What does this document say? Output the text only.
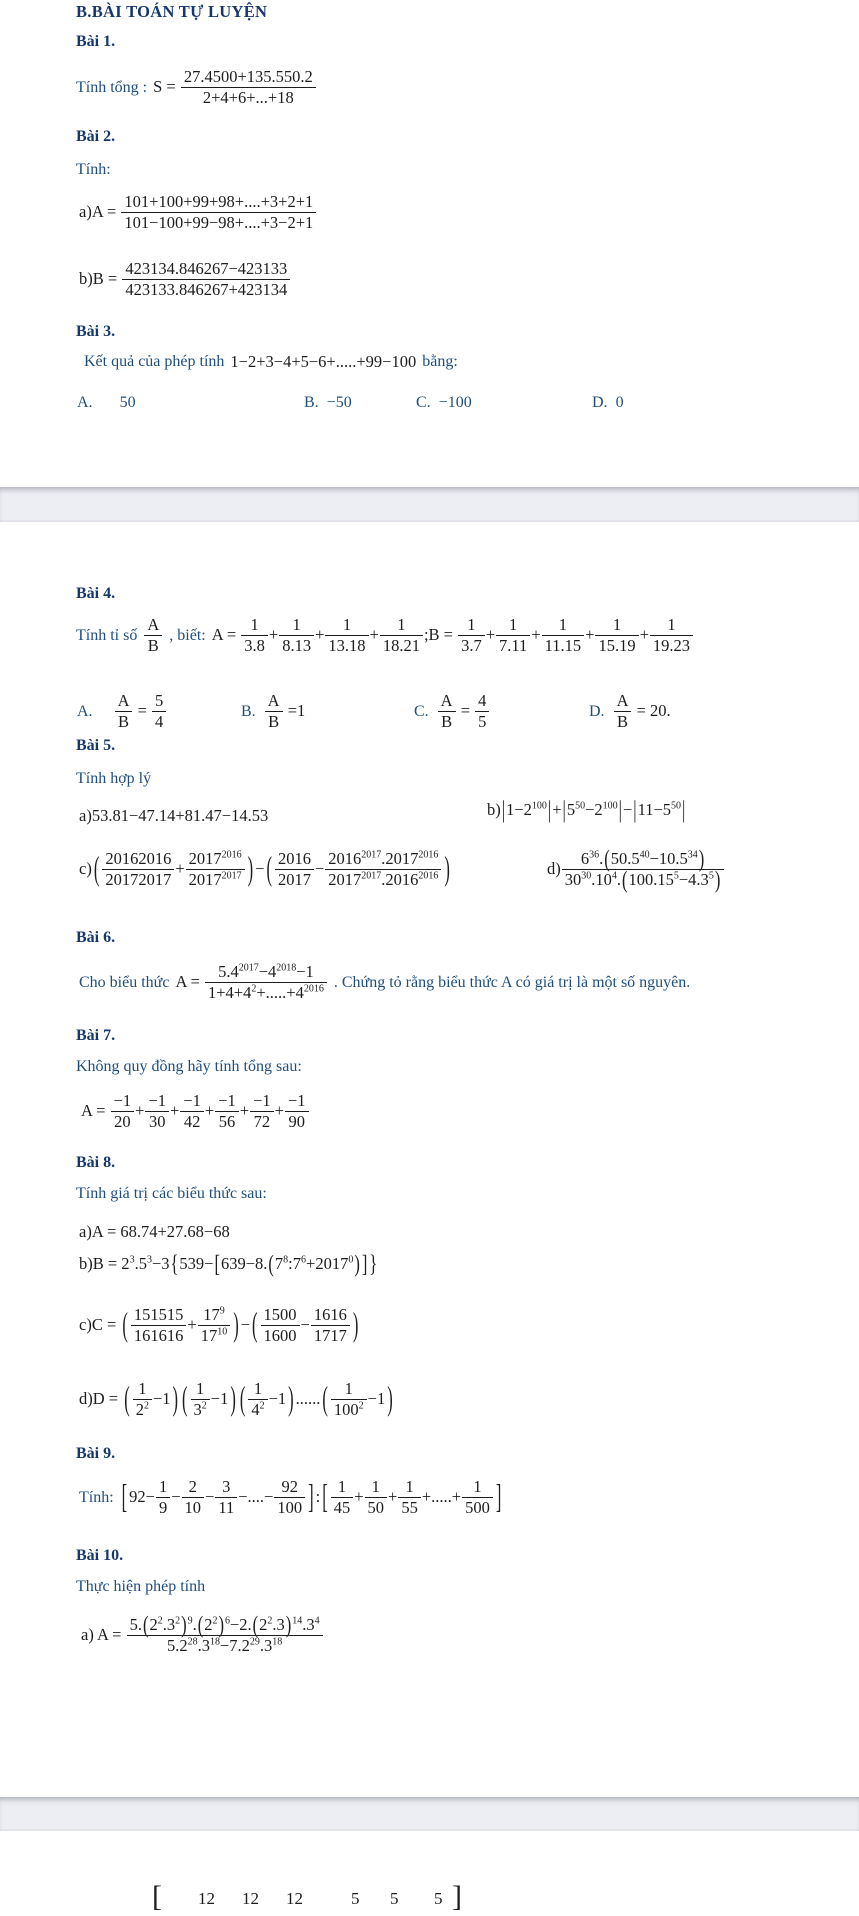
B.BÀI TOÁN TỰ LUYỆN
Bài 1.
Tính tổng : $S = \frac{27.4500+135.550.2}{2+4+6+...+18}$
Bài 2.
Tính:
$a)A = \frac{101+100+99+98+....+3+2+1}{101-100+99-98+....+3-2+1}$
$b)B = \frac{423134.846267-423133}{423133.846267+423134}$
Bài 3.
Kết quả của phép tính 1−2+3−4+5−6+.....+99−100 bằng:
A. 50	B. −50	C. −100	D. 0
Bài 4.
Tính tỉ số $\frac{A}{B}$ , biết: $A = \frac{1}{3.8} + \frac{1}{8.13} + \frac{1}{13.18} + \frac{1}{18.21}$ ;B = $\frac{1}{3.7} + \frac{1}{7.11} + \frac{1}{11.15} + \frac{1}{15.19} + \frac{1}{19.23}$
A. $\frac{A}{B} = \frac{5}{4}$	B. $\frac{A}{B} =1$	C. $\frac{A}{B} = \frac{4}{5}$	D. $\frac{A}{B} = 20$.
Bài 5.
Tính hợp lý
a)53.81−47.14+81.47−14.53	$b)|1-2^{100}|+|5^{50}-2^{100}|-|11-5^{50}|$
c) ( $\frac{20162016}{20172017} + \frac{2017^{2016}}{2017^{2017}}$ ) − ( $\frac{2016}{2017} - \frac{2016^{2017}.2017^{2016}}{2017^{2017}.2016^{2016}}$ )	$d) \frac{6^{36}.(50.5^{40}-10.5^{34})}{30^{30}.10^4.(100.15^5-4.3^5)}$
Bài 6.
Cho biểu thức $A = \frac{5.4^{2017}-4^{2018}-1}{1+4+4^2+.....+4^{2016}}$ . Chứng tỏ rằng biểu thức A có giá trị là một số nguyên.
Bài 7.
Không quy đồng hãy tính tổng sau:
$A = \frac{-1}{20} + \frac{-1}{30} + \frac{-1}{42} + \frac{-1}{56} + \frac{-1}{72} + \frac{-1}{90}$
Bài 8.
Tính giá trị các biểu thức sau:
a)A = 68.74+27.68−68
$b)B = 2^3.5^3-3\{539-[639-8.(7^8:7^6+2017^0)$ ] }
c)C = ( $\frac{151515}{161616} + \frac{17^9}{17^{10}}$ ) − ( $\frac{1500}{1600} - \frac{1616}{1717}$ )
d)D = ( $\frac{1}{2^2} -1$ ) ( $\frac{1}{3^2} -1$ ) ( $\frac{1}{4^2} -1$ ) ...... ( $\frac{1}{100^2} -1$ )
Bài 9.
Tính: [ $92- \frac{1}{9} - \frac{2}{10} - \frac{3}{11}$ −....− $\frac{92}{100}$ ] : [ $\frac{1}{45} + \frac{1}{50} + \frac{1}{55}$ +.....+ $\frac{1}{500}$ ]
Bài 10.
Thực hiện phép tính
a) $A = \frac{5.(2^2.3^2)^9.(2^2)^6-2.(2^2.3)^{14}.3^4}{5.2^{28}.3^{18}-7.2^{29}.3^{18}}$
[ 12 12 12	5 5 5 ]
